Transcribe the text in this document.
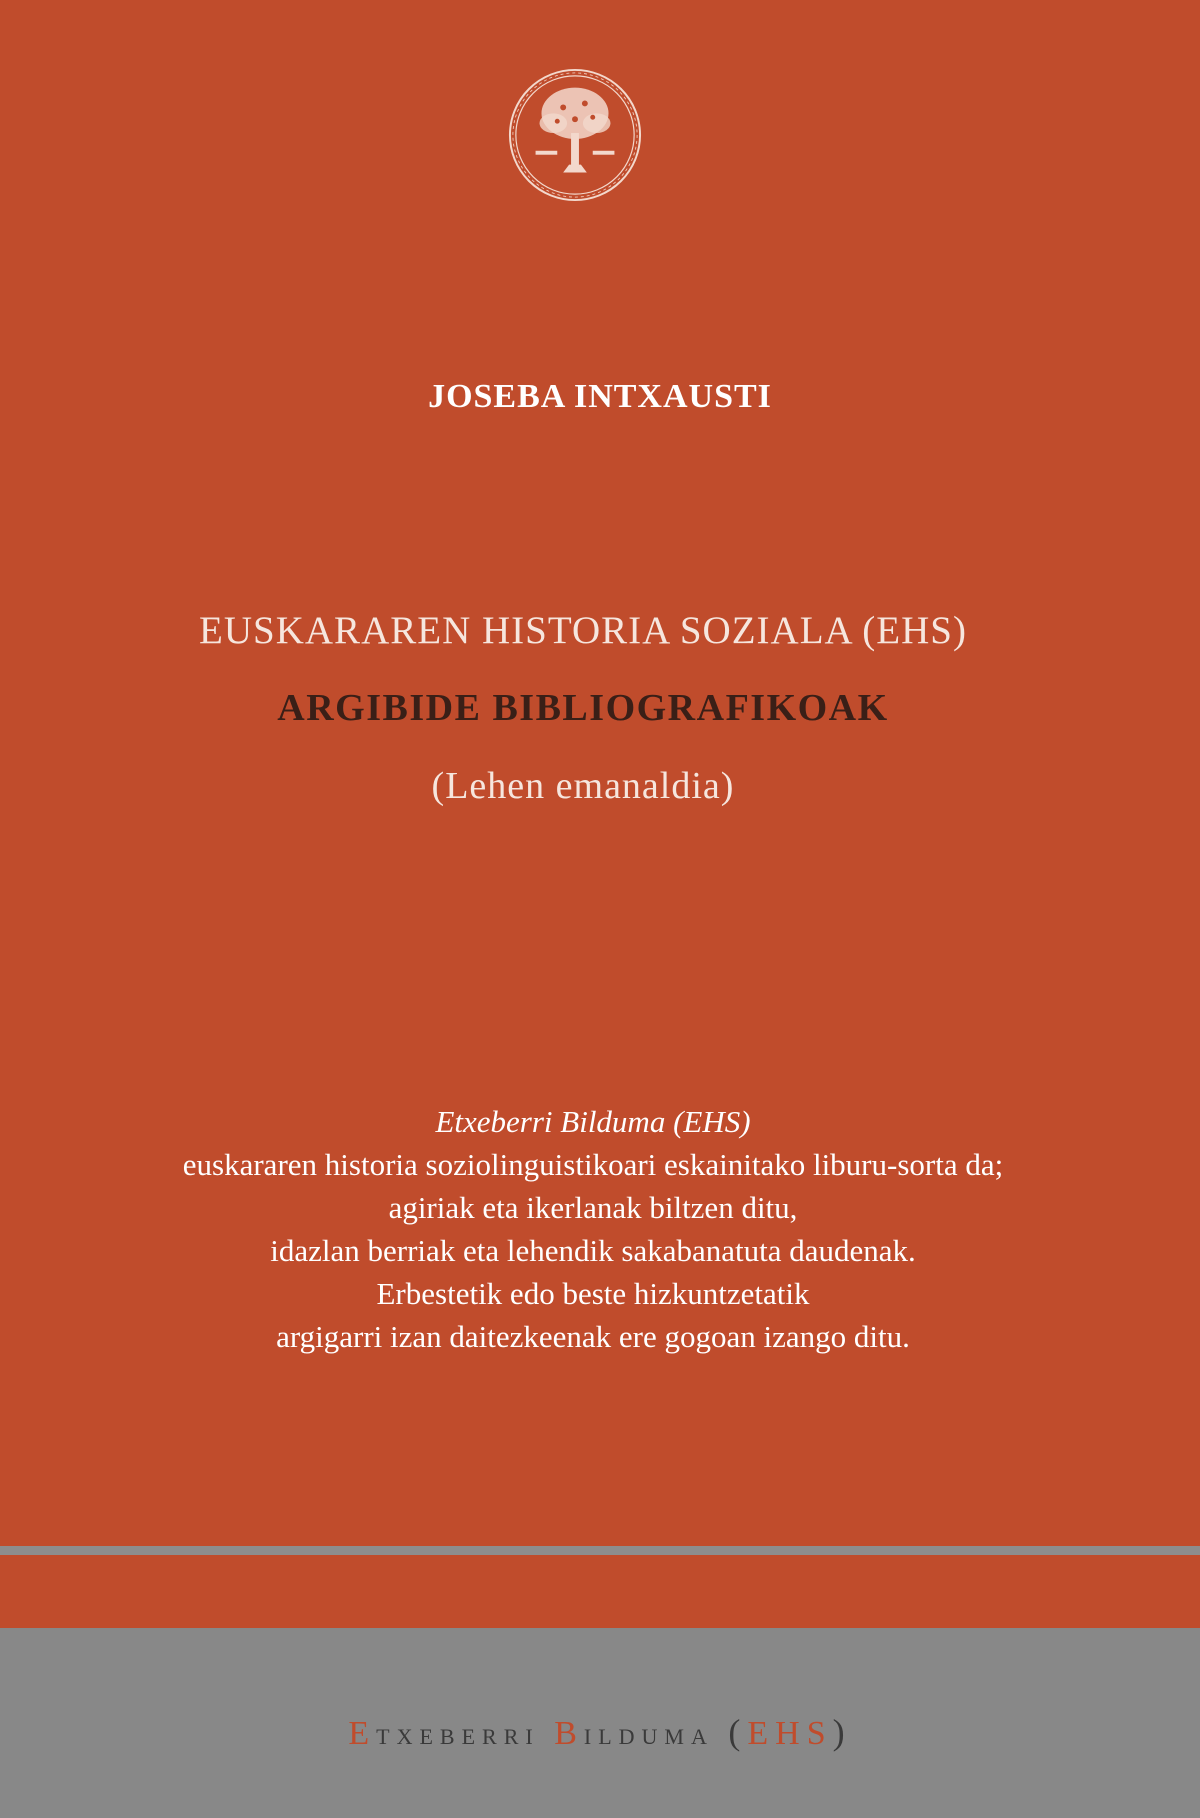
JOSEBA INTXAUSTI
EUSKARAREN HISTORIA SOZIALA (EHS)
ARGIBIDE BIBLIOGRAFIKOAK
(Lehen emanaldia)
Etxeberri Bilduma (EHS)
euskararen historia soziolinguistikoari eskainitako liburu-sorta da;
agiriak eta ikerlanak biltzen ditu,
idazlan berriak eta lehendik sakabanatuta daudenak.
Erbestetik edo beste hizkuntzetatik
argigarri izan daitezkeenak ere gogoan izango ditu.
ETXEBERRI BILDUMA (EHS)
